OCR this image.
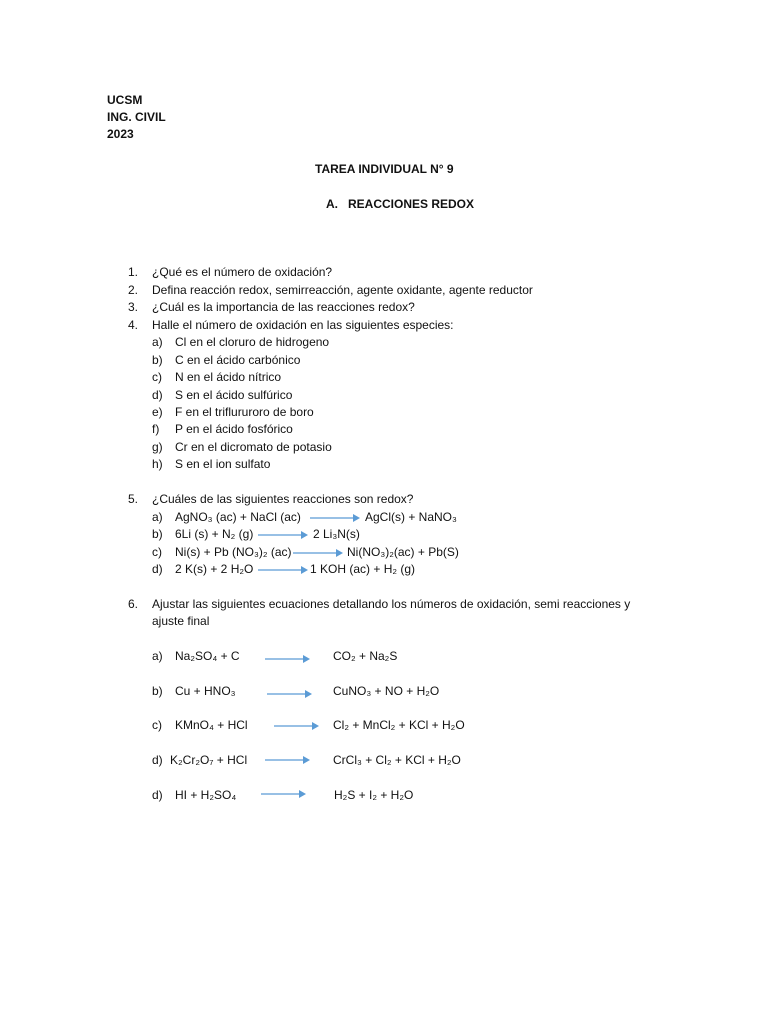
UCSM
ING. CIVIL
2023
TAREA INDIVIDUAL N° 9
A. REACCIONES REDOX
1. ¿Qué es el número de oxidación?
2. Defina reacción redox, semirreacción, agente oxidante, agente reductor
3. ¿Cuál es la importancia de las reacciones redox?
4. Halle el número de oxidación en las siguientes especies:
a) Cl en el cloruro de hidrogeno
b) C en el ácido carbónico
c) N en el ácido nítrico
d) S en el ácido sulfúrico
e) F en el triflururoro de boro
f) P en el ácido fosfórico
g) Cr en el dicromato de potasio
h) S en el ion sulfato
5. ¿Cuáles de las siguientes reacciones son redox?
a) AgNO₃ (ac) + NaCl (ac)	AgCl(s) + NaNO₃
b) 6Li (s) + N₂ (g)	2 Li₃N(s)
c) Ni(s) + Pb (NO₃)₂ (ac)	Ni(NO₃)₂(ac) + Pb(S)
d) 2 K(s) + 2 H₂O	1 KOH (ac) + H₂ (g)
6. Ajustar las siguientes ecuaciones detallando los números de oxidación, semi reacciones y
ajuste final
a) Na₂SO₄ + C	CO₂ + Na₂S
b) Cu + HNO₃	CuNO₃ + NO + H₂O
c) KMnO₄ + HCl	Cl₂ + MnCl₂ + KCl + H₂O
d) K₂Cr₂O₇ + HCl	CrCl₃ + Cl₂ + KCl + H₂O
d) HI + H₂SO₄	H₂S + I₂ + H₂O
